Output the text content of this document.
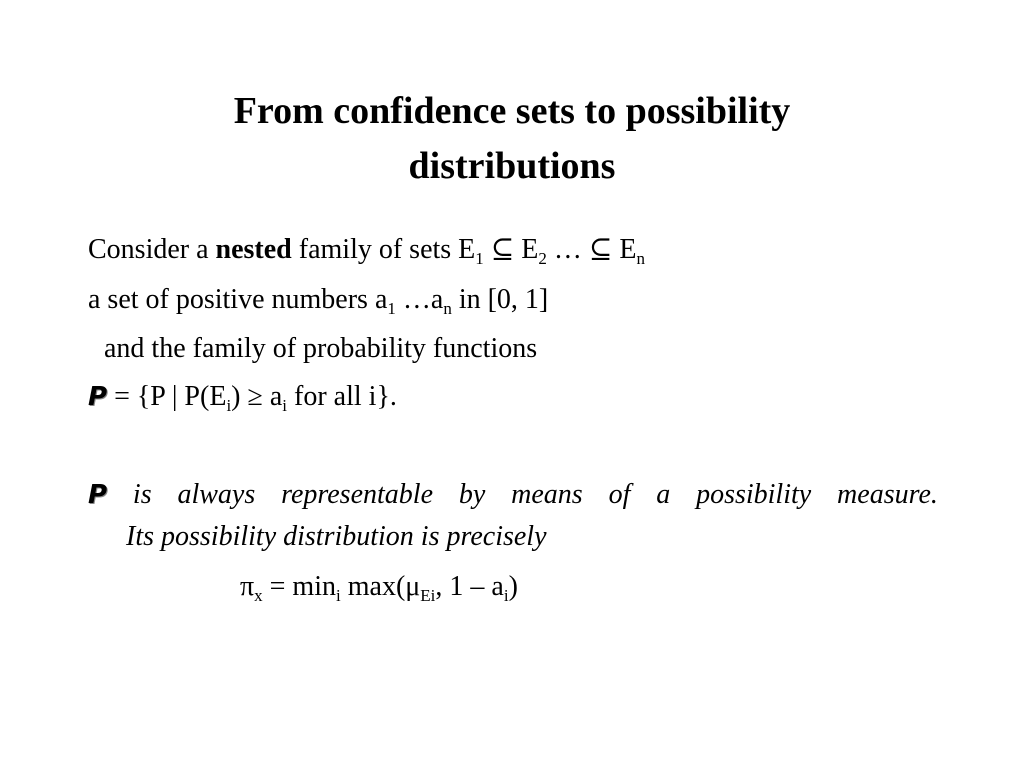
From confidence sets to possibility
distributions
Consider a nested family of sets $E_1$ ⊆ $E_2$ … ⊆ $E_n$
a set of positive numbers $a_1$ $\dots a_n$ in [0, 1]
and the family of probability functions
P = {P | $P(E_i) \ge a_i$ for all i}.
P is always representable by means of a possibility measure.
Its possibility distribution is precisely
$\pi_x = \min_i \max(\mu_{Ei}$, $1 - a_i$)
